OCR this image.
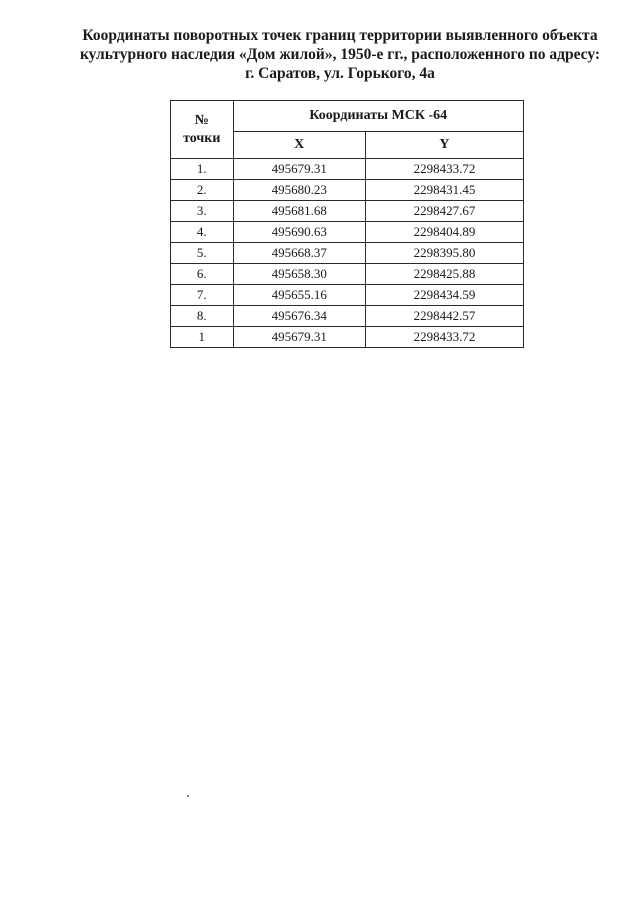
Координаты поворотных точек границ территории выявленного объекта
культурного наследия «Дом жилой», 1950-е гг., расположенного по адресу:
г. Саратов, ул. Горького, 4а
№
точки	Координаты МСК -64	
	X	Y
1.	495679.31	2298433.72
2.	495680.23	2298431.45
3.	495681.68	2298427.67
4.	495690.63	2298404.89
5.	495668.37	2298395.80
6.	495658.30	2298425.88
7.	495655.16	2298434.59
8.	495676.34	2298442.57
1	495679.31	2298433.72
